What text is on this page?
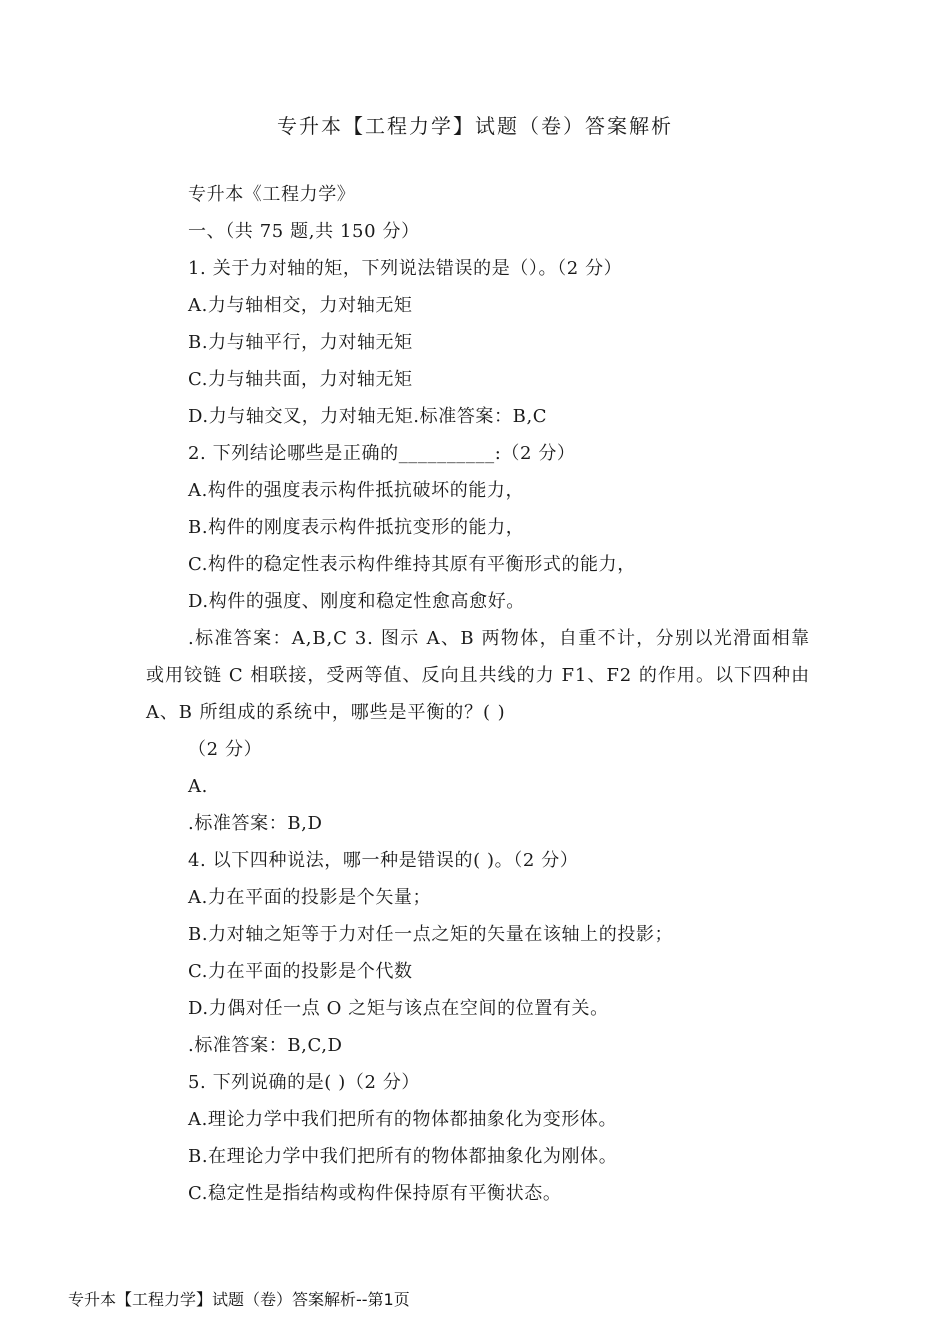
专升本【工程力学】试题（卷）答案解析
专升本《工程力学》
一、（共 75 题,共 150 分）
1. 关于力对轴的矩，下列说法错误的是（）。（2 分）
A.力与轴相交，力对轴无矩
B.力与轴平行，力对轴无矩
C.力与轴共面，力对轴无矩
D.力与轴交叉，力对轴无矩.标准答案：B,C
2. 下列结论哪些是正确的__________:（2 分）
A.构件的强度表示构件抵抗破坏的能力，
B.构件的刚度表示构件抵抗变形的能力，
C.构件的稳定性表示构件维持其原有平衡形式的能力，
D.构件的强度、刚度和稳定性愈高愈好。
.标准答案：A,B,C 3. 图示 A、B 两物体，自重不计，分别以光滑面相靠或用铰链 C 相联接，受两等值、反向且共线的力 F1、F2 的作用。以下四种由 A、B 所组成的系统中，哪些是平衡的？( )
（2 分）
A.
.标准答案：B,D
4. 以下四种说法，哪一种是错误的( )。（2 分）
A.力在平面的投影是个矢量；
B.力对轴之矩等于力对任一点之矩的矢量在该轴上的投影；
C.力在平面的投影是个代数
D.力偶对任一点 O 之矩与该点在空间的位置有关。
.标准答案：B,C,D
5. 下列说确的是( )（2 分）
A.理论力学中我们把所有的物体都抽象化为变形体。
B.在理论力学中我们把所有的物体都抽象化为刚体。
C.稳定性是指结构或构件保持原有平衡状态。
专升本【工程力学】试题（卷）答案解析--第1页
